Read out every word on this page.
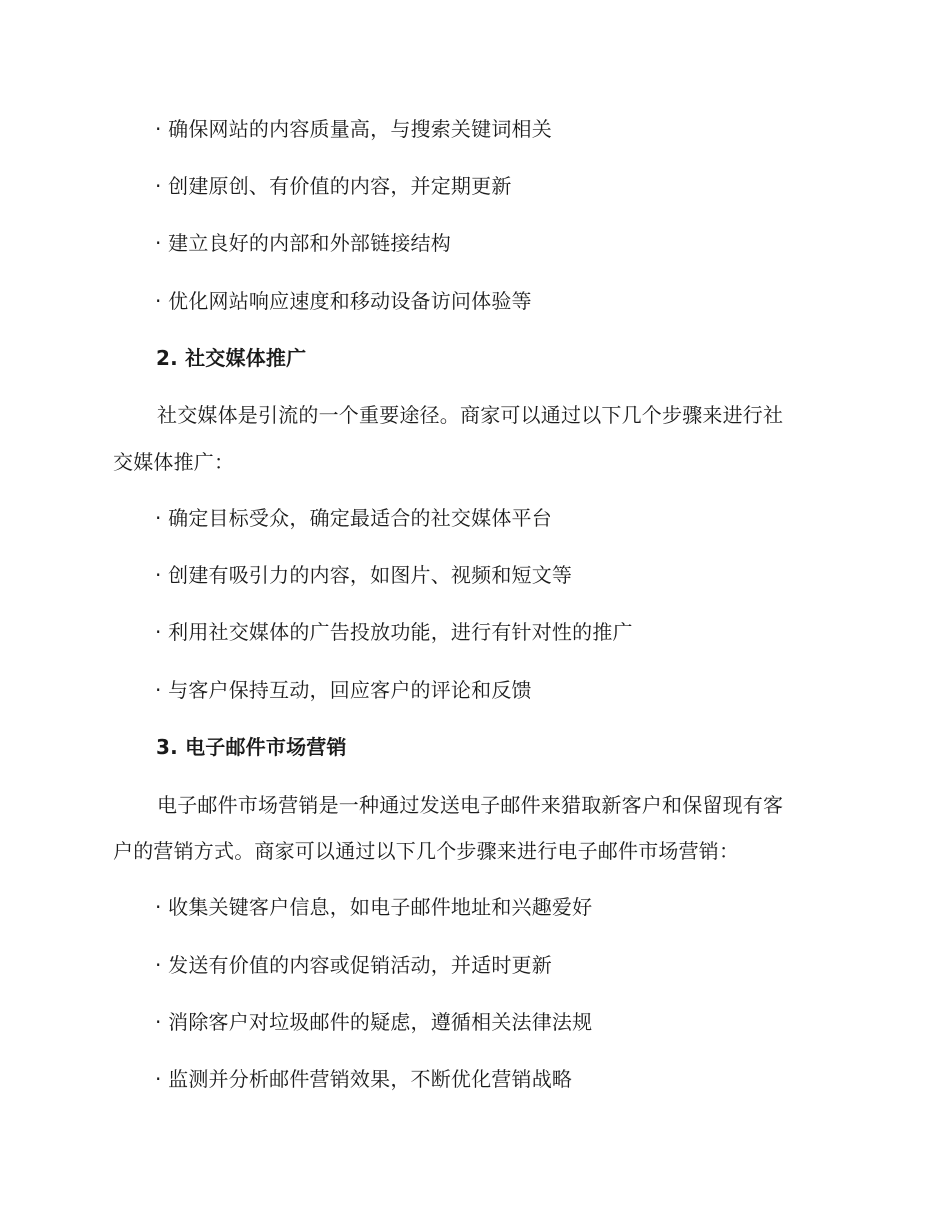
· 确保网站的内容质量高，与搜索关键词相关
· 创建原创、有价值的内容，并定期更新
· 建立良好的内部和外部链接结构
· 优化网站响应速度和移动设备访问体验等
2. 社交媒体推广
社交媒体是引流的一个重要途径。商家可以通过以下几个步骤来进行社
交媒体推广：
· 确定目标受众，确定最适合的社交媒体平台
· 创建有吸引力的内容，如图片、视频和短文等
· 利用社交媒体的广告投放功能，进行有针对性的推广
· 与客户保持互动，回应客户的评论和反馈
3. 电子邮件市场营销
电子邮件市场营销是一种通过发送电子邮件来猎取新客户和保留现有客
户的营销方式。商家可以通过以下几个步骤来进行电子邮件市场营销：
· 收集关键客户信息，如电子邮件地址和兴趣爱好
· 发送有价值的内容或促销活动，并适时更新
· 消除客户对垃圾邮件的疑虑，遵循相关法律法规
· 监测并分析邮件营销效果，不断优化营销战略
